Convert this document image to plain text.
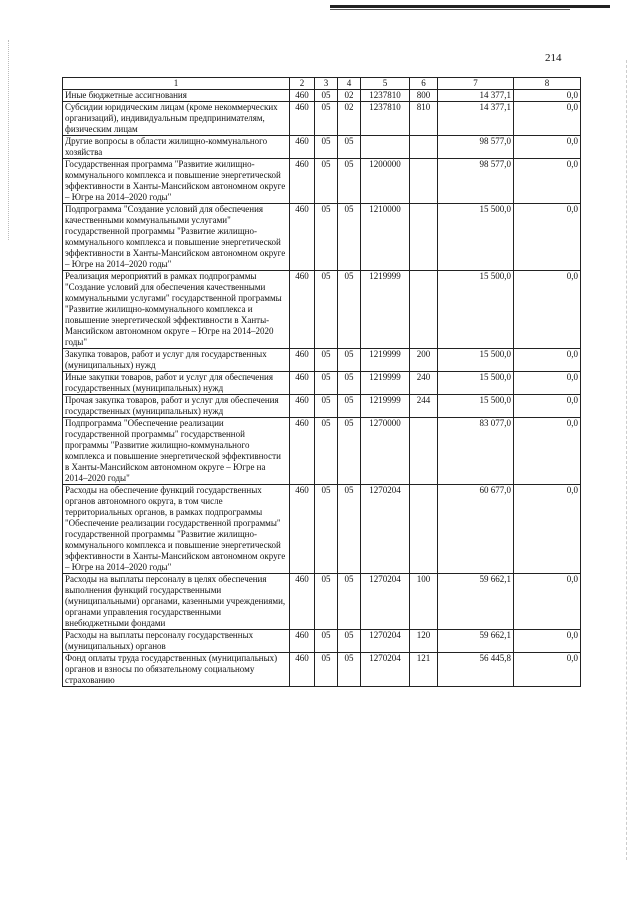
214
1	2	3	4	5	6	7	8
Иные бюджетные ассигнования	460	05	02	1237810	800	14 377,1	0,0
Субсидии юридическим лицам (кроме некоммерческих организаций), индивидуальным предпринимателям, физическим лицам	460	05	02	1237810	810	14 377,1	0,0
Другие вопросы в области жилищно-коммунального хозяйства	460	05	05			98 577,0	0,0
Государственная программа "Развитие жилищно-коммунального комплекса и повышение энергетической эффективности в Ханты-Мансийском автономном округе – Югре на 2014–2020 годы"	460	05	05	1200000		98 577,0	0,0
Подпрограмма "Создание условий для обеспечения качественными коммунальными услугами" государственной программы "Развитие жилищно-коммунального комплекса и повышение энергетической эффективности в Ханты-Мансийском автономном округе – Югре на 2014–2020 годы"	460	05	05	1210000		15 500,0	0,0
Реализация мероприятий в рамках подпрограммы "Создание условий для обеспечения качественными коммунальными услугами" государственной программы "Развитие жилищно-коммунального комплекса и повышение энергетической эффективности в Ханты-Мансийском автономном округе – Югре на 2014–2020 годы"	460	05	05	1219999		15 500,0	0,0
Закупка товаров, работ и услуг для государственных (муниципальных) нужд	460	05	05	1219999	200	15 500,0	0,0
Иные закупки товаров, работ и услуг для обеспечения государственных (муниципальных) нужд	460	05	05	1219999	240	15 500,0	0,0
Прочая закупка товаров, работ и услуг для обеспечения государственных (муниципальных) нужд	460	05	05	1219999	244	15 500,0	0,0
Подпрограмма "Обеспечение реализации государственной программы" государственной программы "Развитие жилищно-коммунального комплекса и повышение энергетической эффективности в Ханты-Мансийском автономном округе – Югре на 2014–2020 годы"	460	05	05	1270000		83 077,0	0,0
Расходы на обеспечение функций государственных органов автономного округа, в том числе территориальных органов, в рамках подпрограммы "Обеспечение реализации государственной программы" государственной программы "Развитие жилищно-коммунального комплекса и повышение энергетической эффективности в Ханты-Мансийском автономном округе – Югре на 2014–2020 годы"	460	05	05	1270204		60 677,0	0,0
Расходы на выплаты персоналу в целях обеспечения выполнения функций государственными (муниципальными) органами, казенными учреждениями, органами управления государственными внебюджетными фондами	460	05	05	1270204	100	59 662,1	0,0
Расходы на выплаты персоналу государственных (муниципальных) органов	460	05	05	1270204	120	59 662,1	0,0
Фонд оплаты труда государственных (муниципальных) органов и взносы по обязательному социальному страхованию	460	05	05	1270204	121	56 445,8	0,0
